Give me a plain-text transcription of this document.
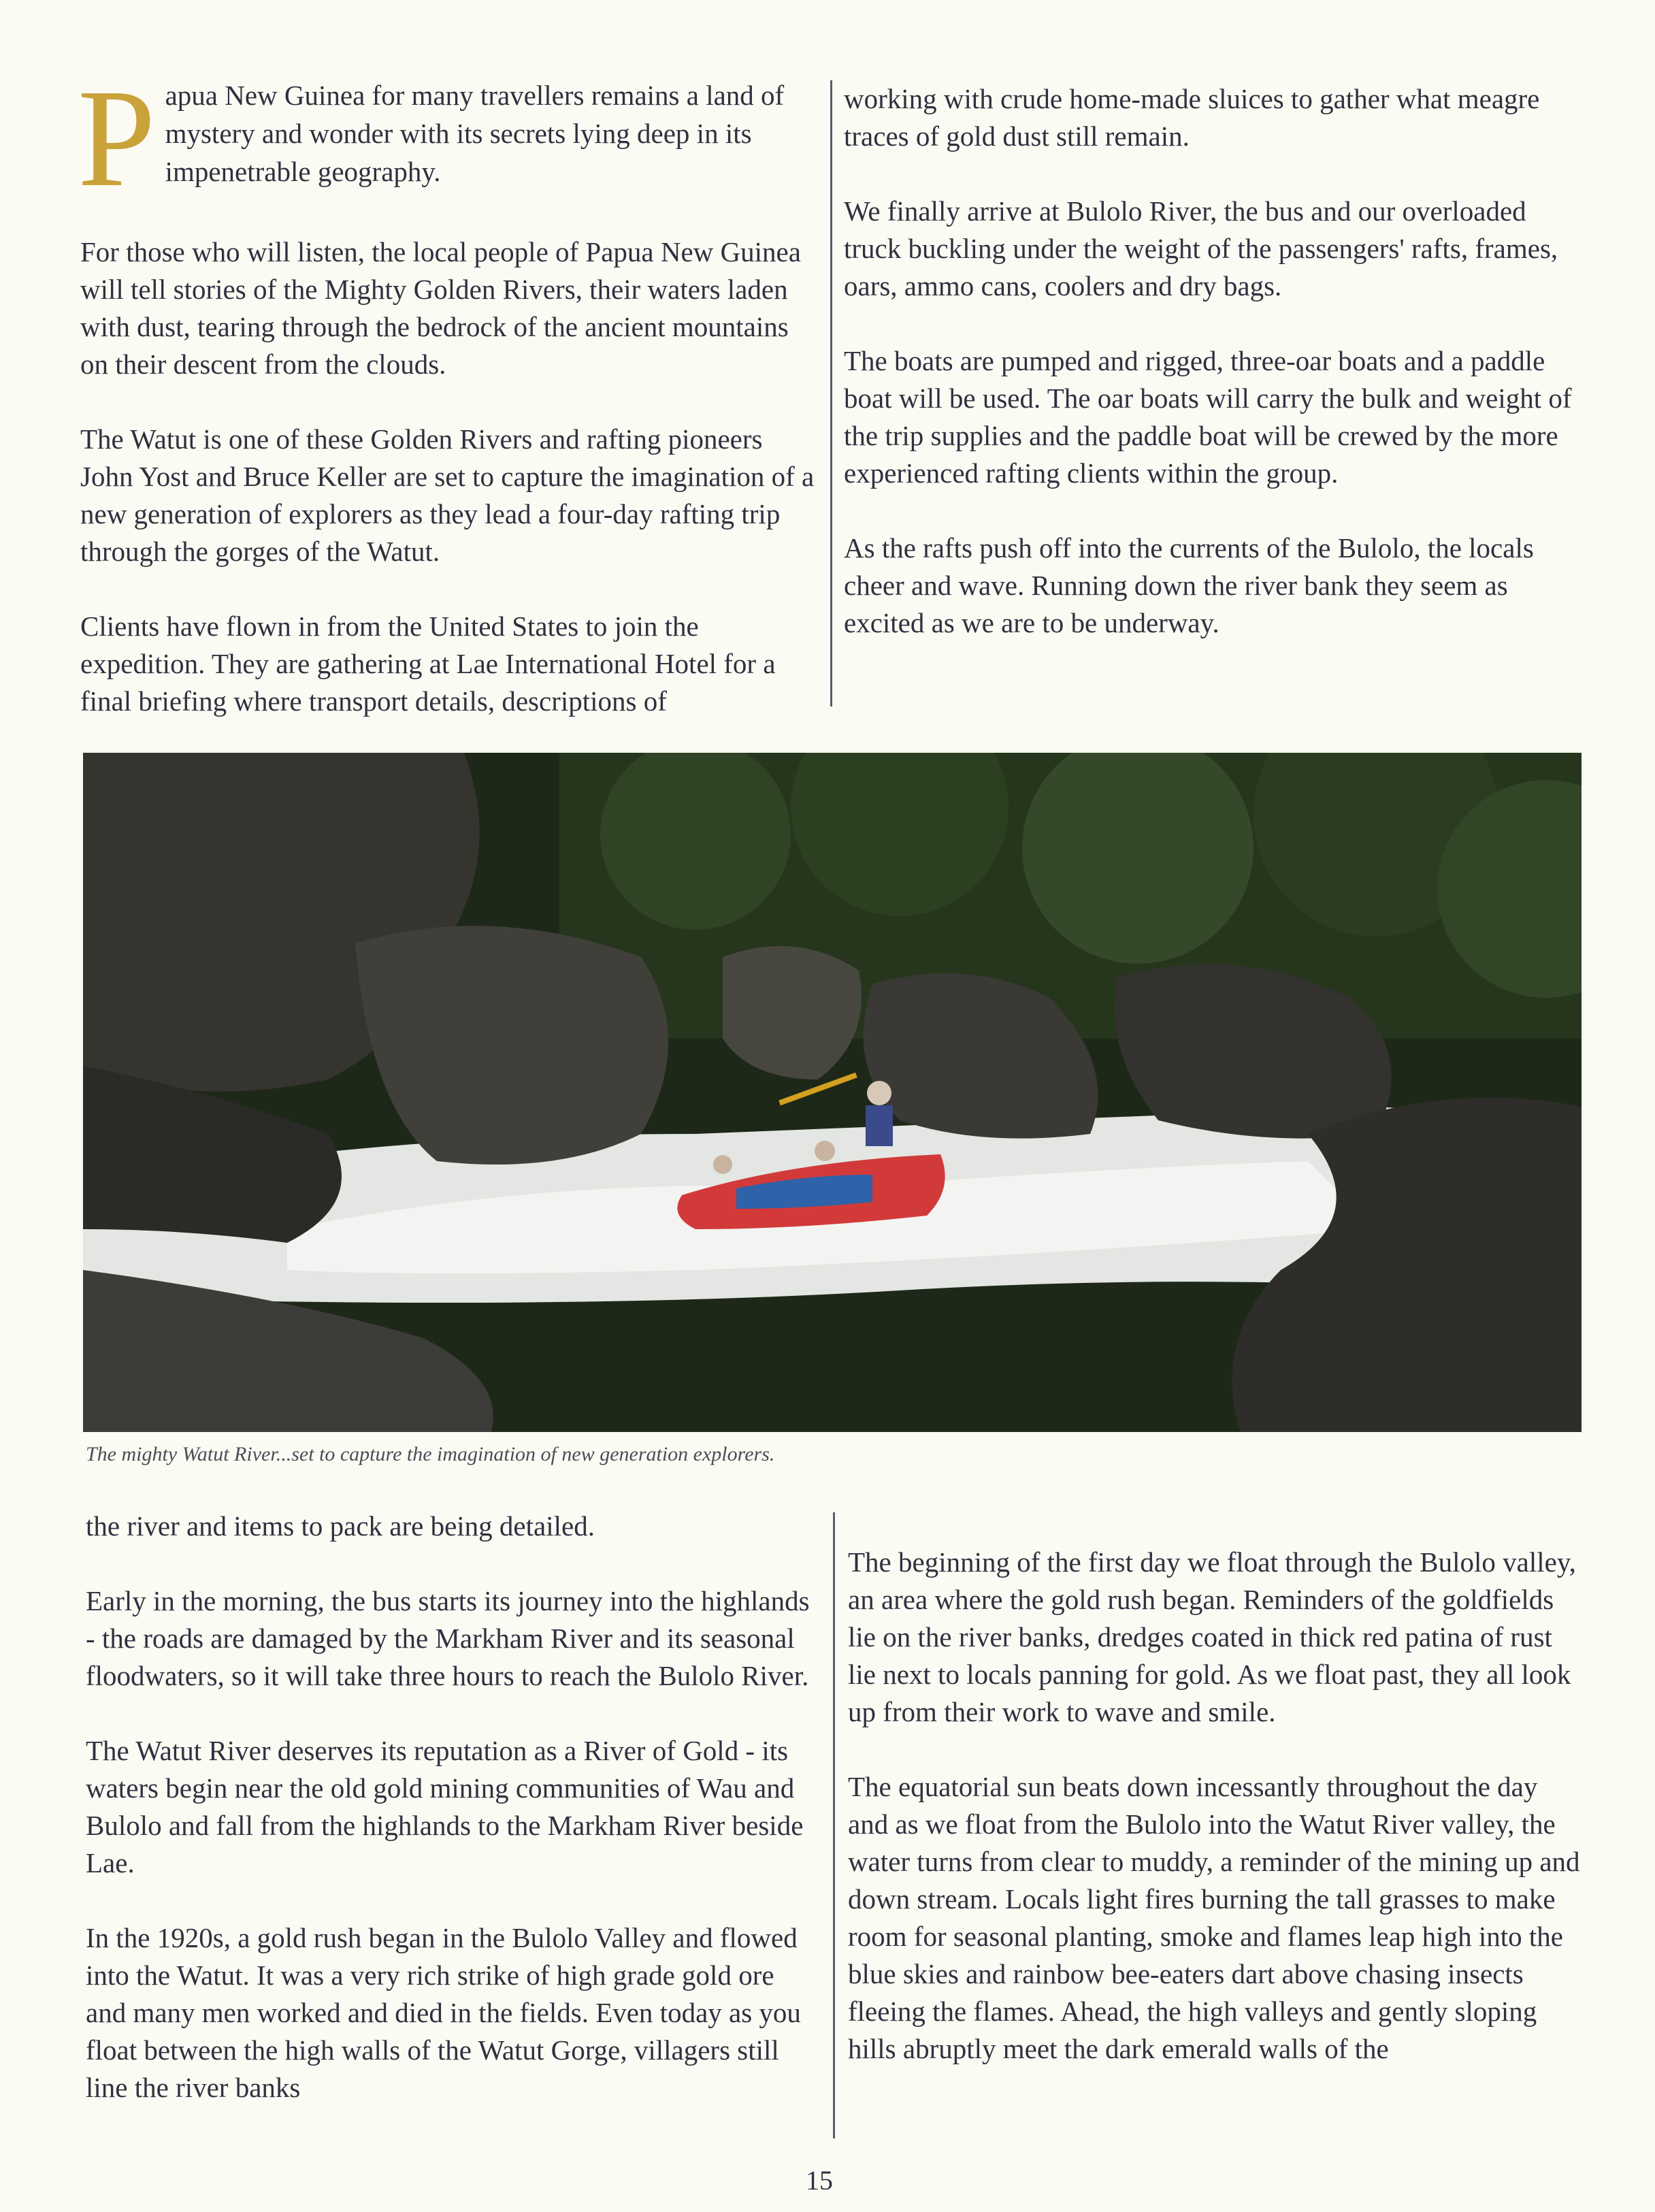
Papua New Guinea for many travellers remains a land of mystery and wonder with its secrets lying deep in its impenetrable geography.

For those who will listen, the local people of Papua New Guinea will tell stories of the Mighty Golden Rivers, their waters laden with dust, tearing through the bedrock of the ancient mountains on their descent from the clouds.

The Watut is one of these Golden Rivers and rafting pioneers John Yost and Bruce Keller are set to capture the imagination of a new generation of explorers as they lead a four-day rafting trip through the gorges of the Watut.

Clients have flown in from the United States to join the expedition. They are gathering at Lae International Hotel for a final briefing where transport details, descriptions of

working with crude home-made sluices to gather what meagre traces of gold dust still remain.

We finally arrive at Bulolo River, the bus and our overloaded truck buckling under the weight of the passengers' rafts, frames, oars, ammo cans, coolers and dry bags.

The boats are pumped and rigged, three-oar boats and a paddle boat will be used. The oar boats will carry the bulk and weight of the trip supplies and the paddle boat will be crewed by the more experienced rafting clients within the group.

As the rafts push off into the currents of the Bulolo, the locals cheer and wave. Running down the river bank they seem as excited as we are to be underway.

The mighty Watut River...set to capture the imagination of new generation explorers.

the river and items to pack are being detailed.

Early in the morning, the bus starts its journey into the highlands - the roads are damaged by the Markham River and its seasonal floodwaters, so it will take three hours to reach the Bulolo River.

The Watut River deserves its reputation as a River of Gold - its waters begin near the old gold mining communities of Wau and Bulolo and fall from the highlands to the Markham River beside Lae.

In the 1920s, a gold rush began in the Bulolo Valley and flowed into the Watut. It was a very rich strike of high grade gold ore and many men worked and died in the fields. Even today as you float between the high walls of the Watut Gorge, villagers still line the river banks

The beginning of the first day we float through the Bulolo valley, an area where the gold rush began. Reminders of the goldfields lie on the river banks, dredges coated in thick red patina of rust lie next to locals panning for gold. As we float past, they all look up from their work to wave and smile.

The equatorial sun beats down incessantly throughout the day and as we float from the Bulolo into the Watut River valley, the water turns from clear to muddy, a reminder of the mining up and down stream. Locals light fires burning the tall grasses to make room for seasonal planting, smoke and flames leap high into the blue skies and rainbow bee-eaters dart above chasing insects fleeing the flames. Ahead, the high valleys and gently sloping hills abruptly meet the dark emerald walls of the

15
